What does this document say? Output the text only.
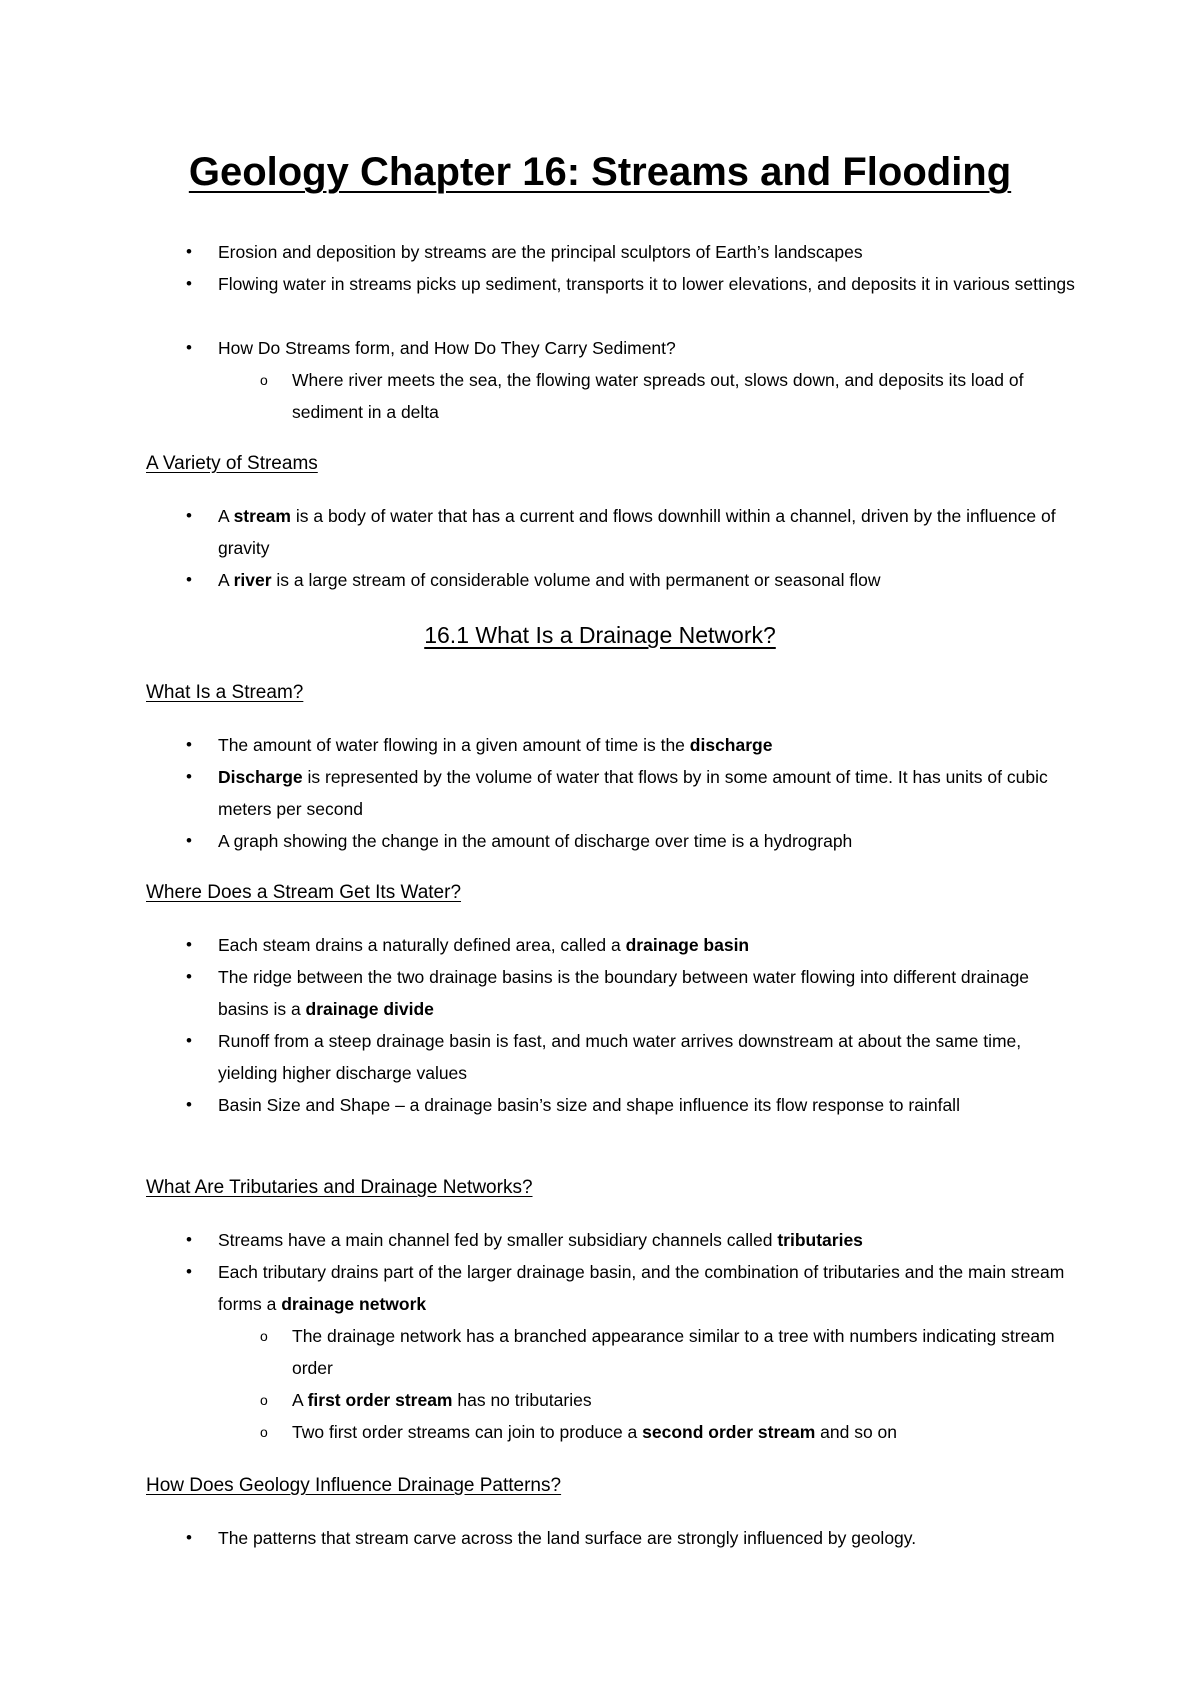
Geology Chapter 16: Streams and Flooding
• Erosion and deposition by streams are the principal sculptors of Earth’s landscapes
• Flowing water in streams picks up sediment, transports it to lower elevations, and deposits it in various settings
• How Do Streams form, and How Do They Carry Sediment?
o Where river meets the sea, the flowing water spreads out, slows down, and deposits its load of sediment in a delta
A Variety of Streams
• A stream is a body of water that has a current and flows downhill within a channel, driven by the influence of gravity
• A river is a large stream of considerable volume and with permanent or seasonal flow
16.1 What Is a Drainage Network?
What Is a Stream?
• The amount of water flowing in a given amount of time is the discharge
• Discharge is represented by the volume of water that flows by in some amount of time. It has units of cubic meters per second
• A graph showing the change in the amount of discharge over time is a hydrograph
Where Does a Stream Get Its Water?
• Each steam drains a naturally defined area, called a drainage basin
• The ridge between the two drainage basins is the boundary between water flowing into different drainage basins is a drainage divide
• Runoff from a steep drainage basin is fast, and much water arrives downstream at about the same time, yielding higher discharge values
• Basin Size and Shape – a drainage basin’s size and shape influence its flow response to rainfall
What Are Tributaries and Drainage Networks?
• Streams have a main channel fed by smaller subsidiary channels called tributaries
• Each tributary drains part of the larger drainage basin, and the combination of tributaries and the main stream forms a drainage network
o The drainage network has a branched appearance similar to a tree with numbers indicating stream order
o A first order stream has no tributaries
o Two first order streams can join to produce a second order stream and so on
How Does Geology Influence Drainage Patterns?
• The patterns that stream carve across the land surface are strongly influenced by geology.
